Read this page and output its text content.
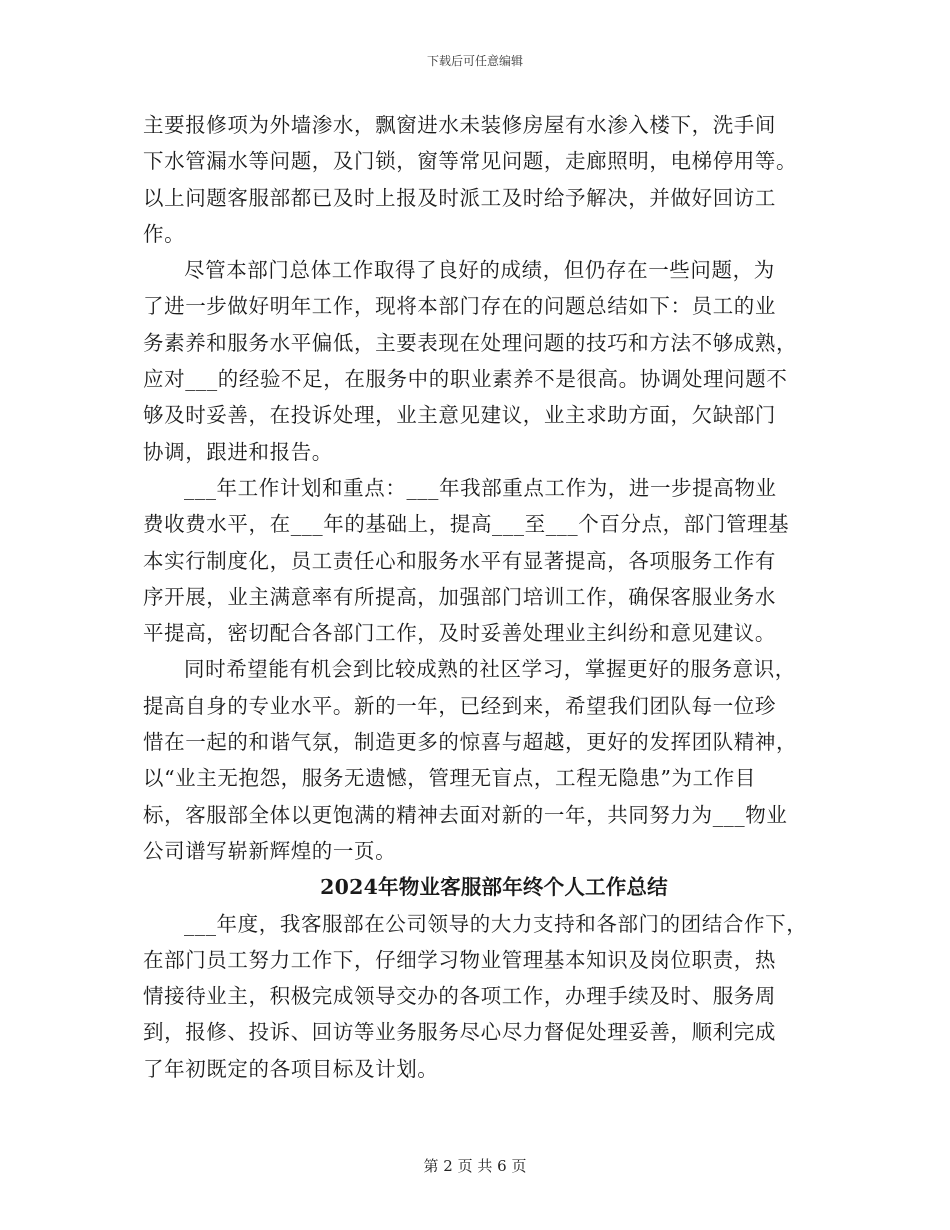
下载后可任意编辑
主要报修项为外墙渗水，飘窗进水未装修房屋有水渗入楼下，洗手间
下水管漏水等问题，及门锁，窗等常见问题，走廊照明，电梯停用等。
以上问题客服部都已及时上报及时派工及时给予解决，并做好回访工
作。
尽管本部门总体工作取得了良好的成绩，但仍存在一些问题，为
了进一步做好明年工作，现将本部门存在的问题总结如下：员工的业
务素养和服务水平偏低，主要表现在处理问题的技巧和方法不够成熟，
应对___的经验不足，在服务中的职业素养不是很高。协调处理问题不
够及时妥善，在投诉处理，业主意见建议，业主求助方面，欠缺部门
协调，跟进和报告。
___年工作计划和重点：___年我部重点工作为，进一步提高物业
费收费水平，在___年的基础上，提高___至___个百分点，部门管理基
本实行制度化，员工责任心和服务水平有显著提高，各项服务工作有
序开展，业主满意率有所提高，加强部门培训工作，确保客服业务水
平提高，密切配合各部门工作，及时妥善处理业主纠纷和意见建议。
同时希望能有机会到比较成熟的社区学习，掌握更好的服务意识，
提高自身的专业水平。新的一年，已经到来，希望我们团队每一位珍
惜在一起的和谐气氛，制造更多的惊喜与超越，更好的发挥团队精神，
以“业主无抱怨，服务无遗憾，管理无盲点，工程无隐患”为工作目
标，客服部全体以更饱满的精神去面对新的一年，共同努力为___物业
公司谱写崭新辉煌的一页。
2024年物业客服部年终个人工作总结
___年度，我客服部在公司领导的大力支持和各部门的团结合作下，
在部门员工努力工作下，仔细学习物业管理基本知识及岗位职责，热
情接待业主，积极完成领导交办的各项工作，办理手续及时、服务周
到，报修、投诉、回访等业务服务尽心尽力督促处理妥善，顺利完成
了年初既定的各项目标及计划。
第 2 页 共 6 页
